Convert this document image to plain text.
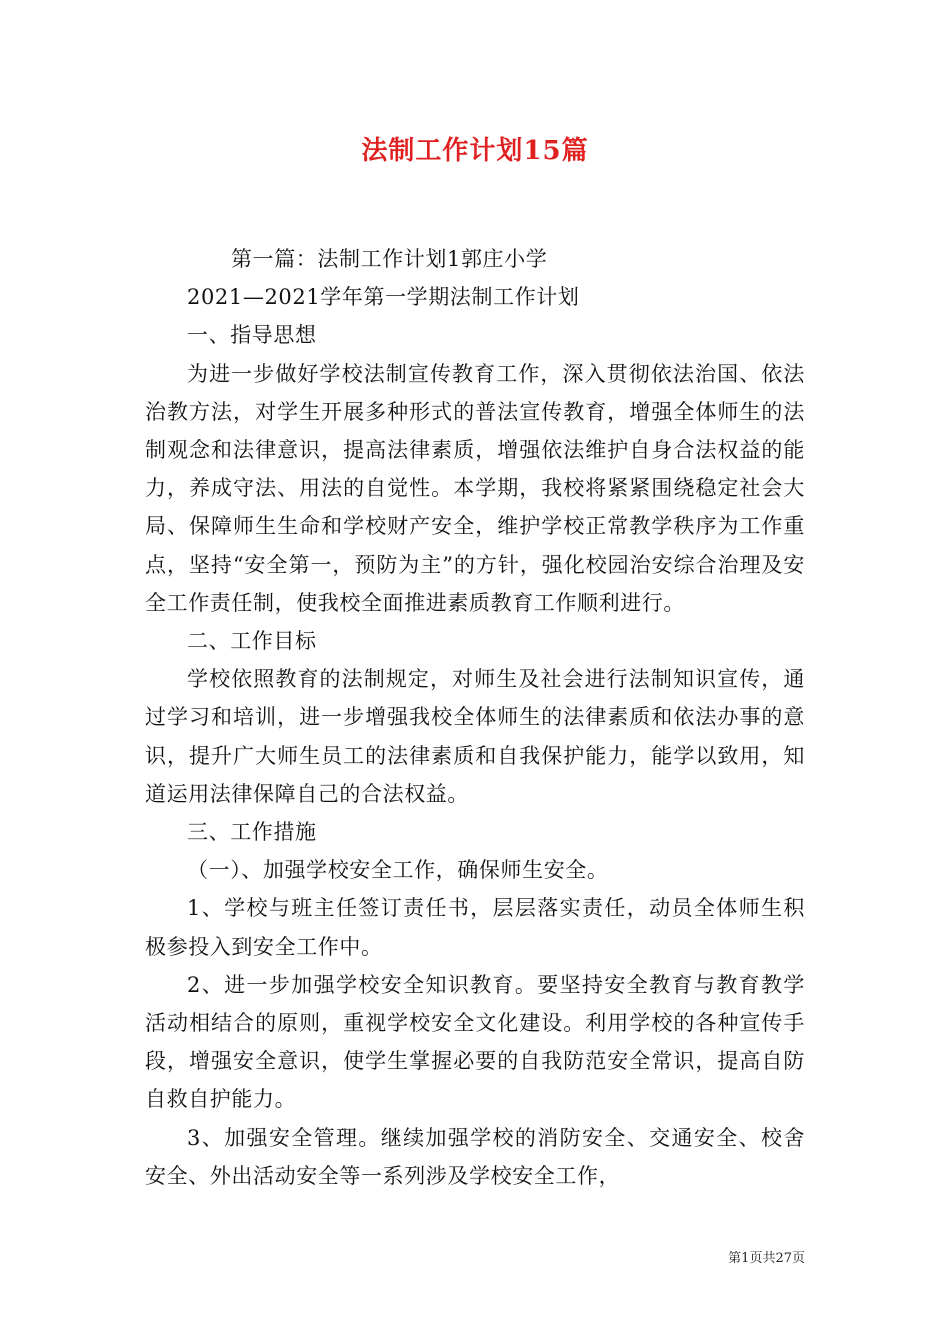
法制工作计划15篇

第一篇：法制工作计划1郭庄小学

2021—2021学年第一学期法制工作计划

一、指导思想

为进一步做好学校法制宣传教育工作，深入贯彻依法治国、依法治教方法，对学生开展多种形式的普法宣传教育，增强全体师生的法制观念和法律意识，提高法律素质，增强依法维护自身合法权益的能力，养成守法、用法的自觉性。本学期，我校将紧紧围绕稳定社会大局、保障师生生命和学校财产安全，维护学校正常教学秩序为工作重点，坚持“安全第一，预防为主”的方针，强化校园治安综合治理及安全工作责任制，使我校全面推进素质教育工作顺利进行。

二、工作目标

学校依照教育的法制规定，对师生及社会进行法制知识宣传，通过学习和培训，进一步增强我校全体师生的法律素质和依法办事的意识，提升广大师生员工的法律素质和自我保护能力，能学以致用，知道运用法律保障自己的合法权益。

三、工作措施

（一）、加强学校安全工作，确保师生安全。

1、学校与班主任签订责任书，层层落实责任，动员全体师生积极参投入到安全工作中。

2、进一步加强学校安全知识教育。要坚持安全教育与教育教学活动相结合的原则，重视学校安全文化建设。利用学校的各种宣传手段，增强安全意识，使学生掌握必要的自我防范安全常识，提高自防自救自护能力。

3、加强安全管理。继续加强学校的消防安全、交通安全、校舍安全、外出活动安全等一系列涉及学校安全工作，

第1页共27页
